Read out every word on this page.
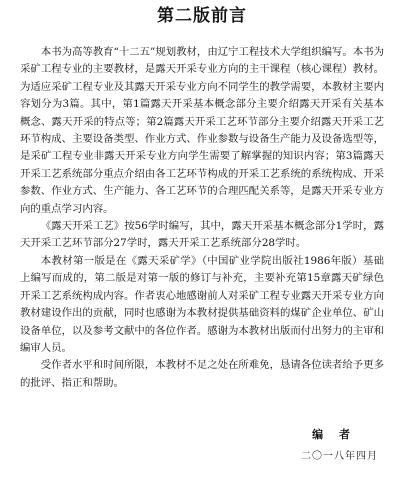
第二版前言

本书为高等教育“十二五”规划教材，由辽宁工程技术大学组织编写。本书为采矿工程专业的主要教材，是露天开采专业方向的主干课程（核心课程）教材。为适应采矿工程专业及其露天开采专业方向不同学生的教学需要，本教材主要内容划分为3篇。其中，第1篇露天开采基本概念部分主要介绍露天开采有关基本概念、露天开采的特点等；第2篇露天开采工艺环节部分主要介绍露天开采工艺环节构成、主要设备类型、作业方式、作业参数与设备生产能力及设备选型等，是采矿工程专业非露天开采专业方向学生需要了解掌握的知识内容；第3篇露天开采工艺系统部分重点介绍由各工艺环节构成的开采工艺系统的系统构成、开采参数、作业方式、生产能力、各工艺环节的合理匹配关系等，是露天开采专业方向的重点学习内容。

《露天开采工艺》按56学时编写，其中，露天开采基本概念部分1学时，露天开采工艺环节部分27学时，露天开采工艺系统部分28学时。

本教材第一版是在《露天采矿学》（中国矿业学院出版社1986年版）基础上编写而成的，第二版是对第一版的修订与补充，主要补充第15章露天矿绿色开采工艺系统构成内容。作者衷心地感谢前人对采矿工程专业露天开采专业方向教材建设作出的贡献，同时也感谢为本教材提供基础资料的煤矿企业单位、矿山设备单位，以及参考文献中的各位作者。感谢为本教材出版而付出努力的主审和编审人员。

受作者水平和时间所限，本教材不足之处在所难免，恳请各位读者给予更多的批评、指正和帮助。

编 者
二〇一八年四月
